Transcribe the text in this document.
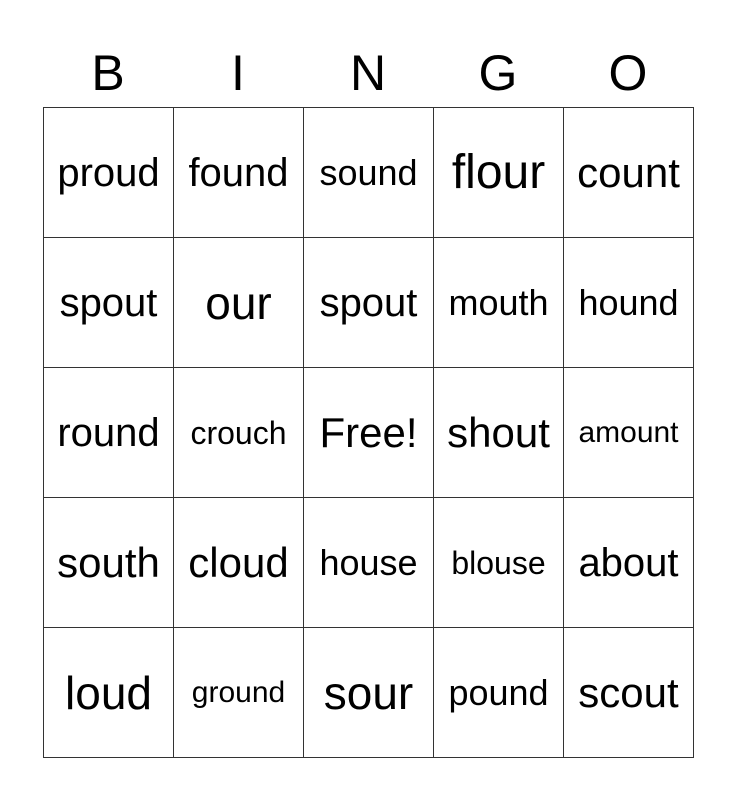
B	I	N	G	O
proud found sound flour count
spout	our	spout mouth hound
round crouch Free! shout amount
south cloud house	blouse about
loud	ground sour pound scout
